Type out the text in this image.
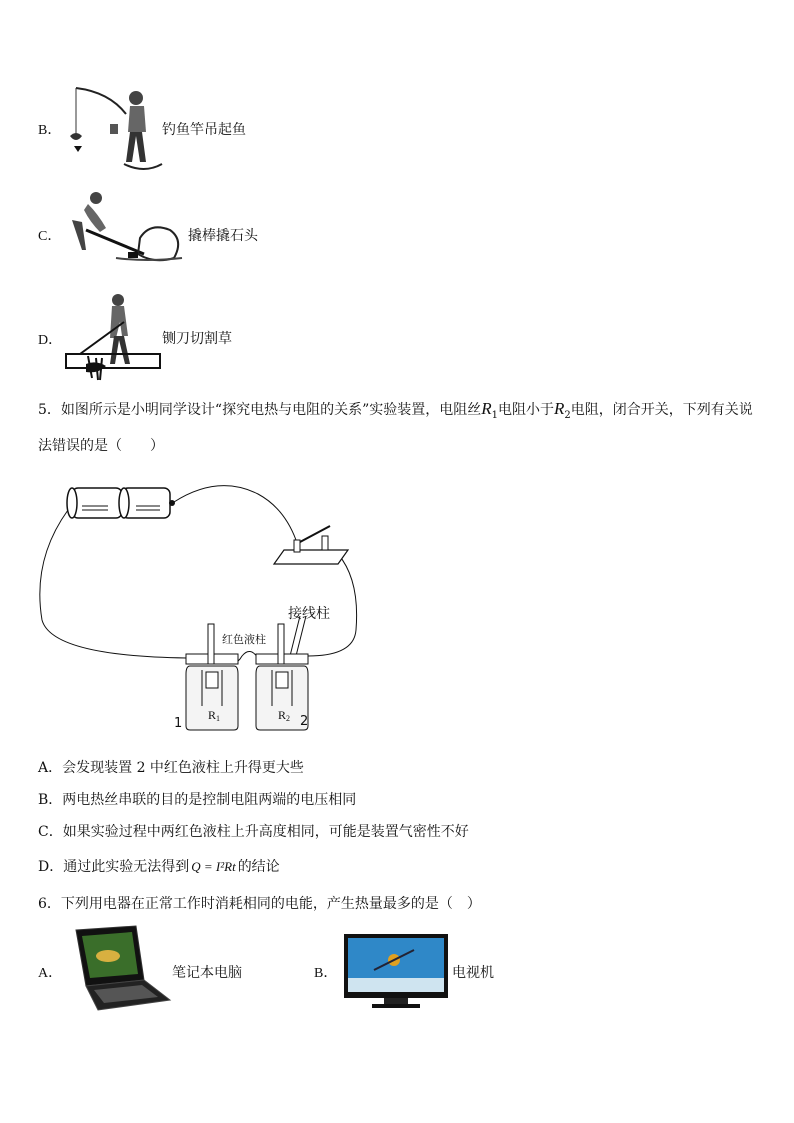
B．	钓鱼竿吊起鱼
C．	撬棒撬石头
D．	铡刀切割草
5．如图所示是小明同学设计“探究电热与电阻的关系”实验装置，电阻丝$R_1$电阻小于$R_2$电阻，闭合开关，下列有关说
法错误的是（　　）
接线柱
红色液柱
R1	R2
1	2
A．会发现装置 2 中红色液柱上升得更大些
B．两电热丝串联的目的是控制电阻两端的电压相同
C．如果实验过程中两红色液柱上升高度相同，可能是装置气密性不好
D．通过此实验无法得到 Q = I²Rt 的结论
6．下列用电器在正常工作时消耗相同的电能，产生热量最多的是（　）
A．	笔记本电脑	B．	电视机
